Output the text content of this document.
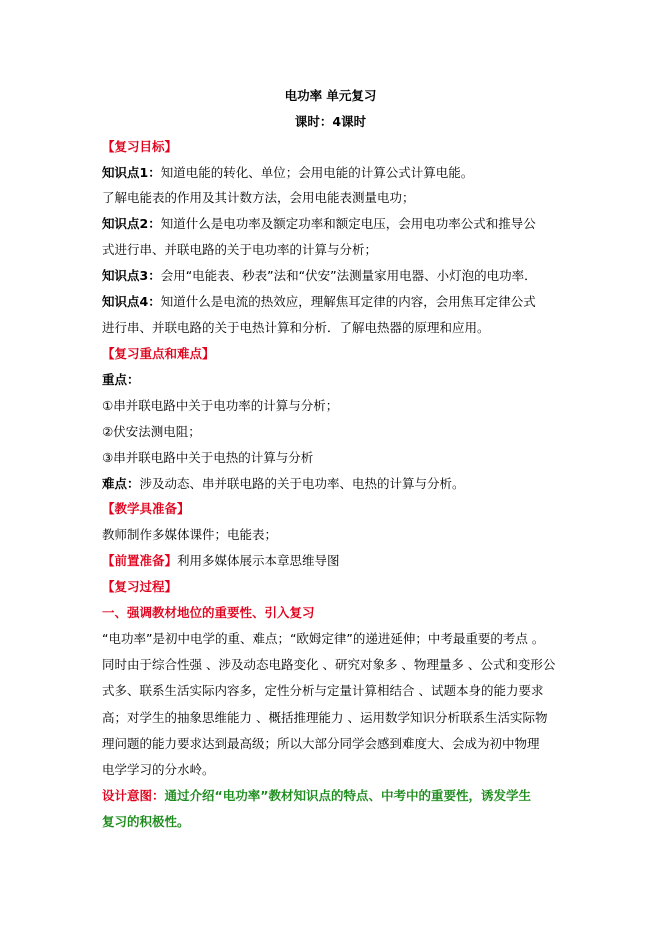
电功率 单元复习
课时：4课时
【复习目标】
知识点1：知道电能的转化、单位；会用电能的计算公式计算电能。
了解电能表的作用及其计数方法，会用电能表测量电功；
知识点2：知道什么是电功率及额定功率和额定电压，会用电功率公式和推导公
式进行串、并联电路的关于电功率的计算与分析；
知识点3：会用“电能表、秒表”法和“伏安”法测量家用电器、小灯泡的电功率．
知识点4：知道什么是电流的热效应，理解焦耳定律的内容，会用焦耳定律公式
进行串、并联电路的关于电热计算和分析．了解电热器的原理和应用。
【复习重点和难点】
重点：
①串并联电路中关于电功率的计算与分析；
②伏安法测电阻；
③串并联电路中关于电热的计算与分析
难点：涉及动态、串并联电路的关于电功率、电热的计算与分析。
【教学具准备】
教师制作多媒体课件；电能表；
【前置准备】利用多媒体展示本章思维导图
【复习过程】
一、强调教材地位的重要性、引入复习
“电功率”是初中电学的重、难点；“欧姆定律”的递进延伸；中考最重要的考点 。
同时由于综合性强 、涉及动态电路变化 、研究对象多 、物理量多 、公式和变形公
式多、联系生活实际内容多，定性分析与定量计算相结合 、试题本身的能力要求
高；对学生的抽象思维能力 、概括推理能力 、运用数学知识分析联系生活实际物
理问题的能力要求达到最高级；所以大部分同学会感到难度大、会成为初中物理
电学学习的分水岭。
设计意图：通过介绍“电功率”教材知识点的特点、中考中的重要性，诱发学生
复习的积极性。
